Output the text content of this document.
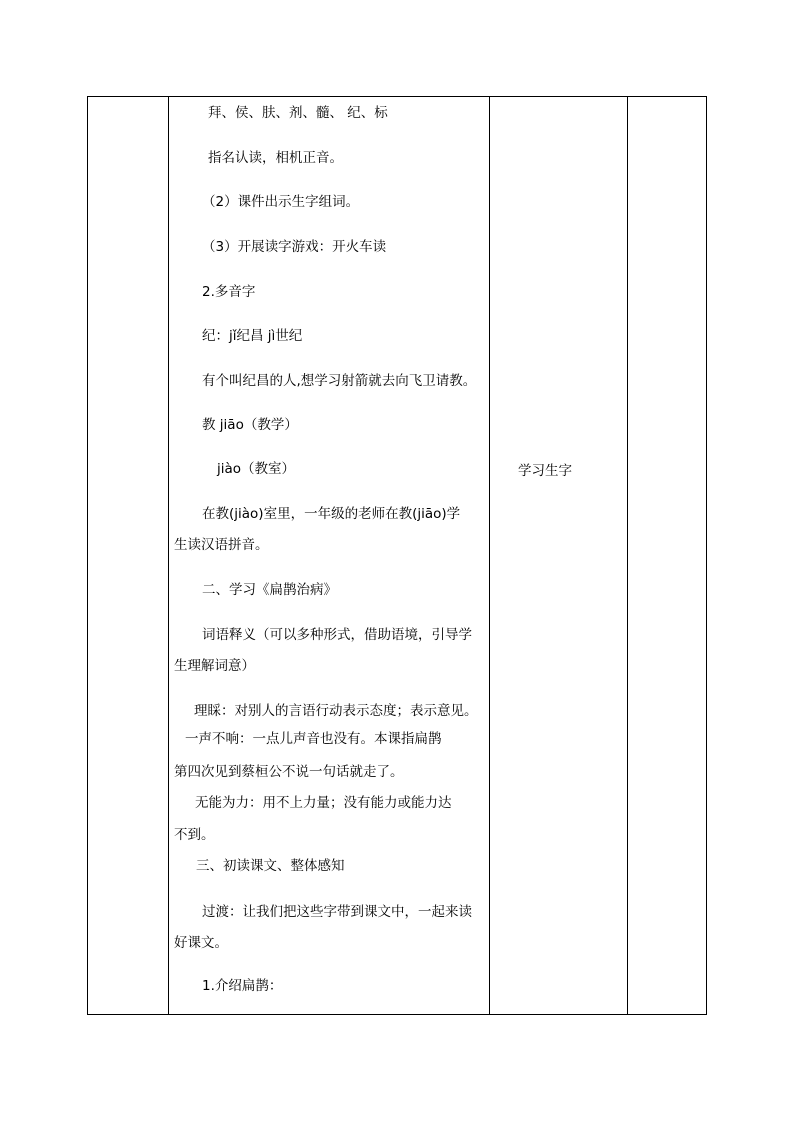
拜、侯、肤、剂、髓、 纪、标
指名认读，相机正音。
（2）课件出示生字组词。
（3）开展读字游戏：开火车读
2.多音字
纪：jǐ纪昌 jì世纪
有个叫纪昌的人,想学习射箭就去向飞卫请教。
教 jiāo（教学）
jiào（教室）
在教(jiào)室里，一年级的老师在教(jiāo)学
生读汉语拼音。
二、学习《扁鹊治病》
词语释义（可以多种形式，借助语境，引导学
生理解词意）
理睬：对别人的言语行动表示态度；表示意见。
一声不响：一点儿声音也没有。本课指扁鹊
第四次见到蔡桓公不说一句话就走了。
无能为力：用不上力量；没有能力或能力达
不到。
三、初读课文、整体感知
过渡：让我们把这些字带到课文中，一起来读
好课文。
1.介绍扁鹊：
学习生字
